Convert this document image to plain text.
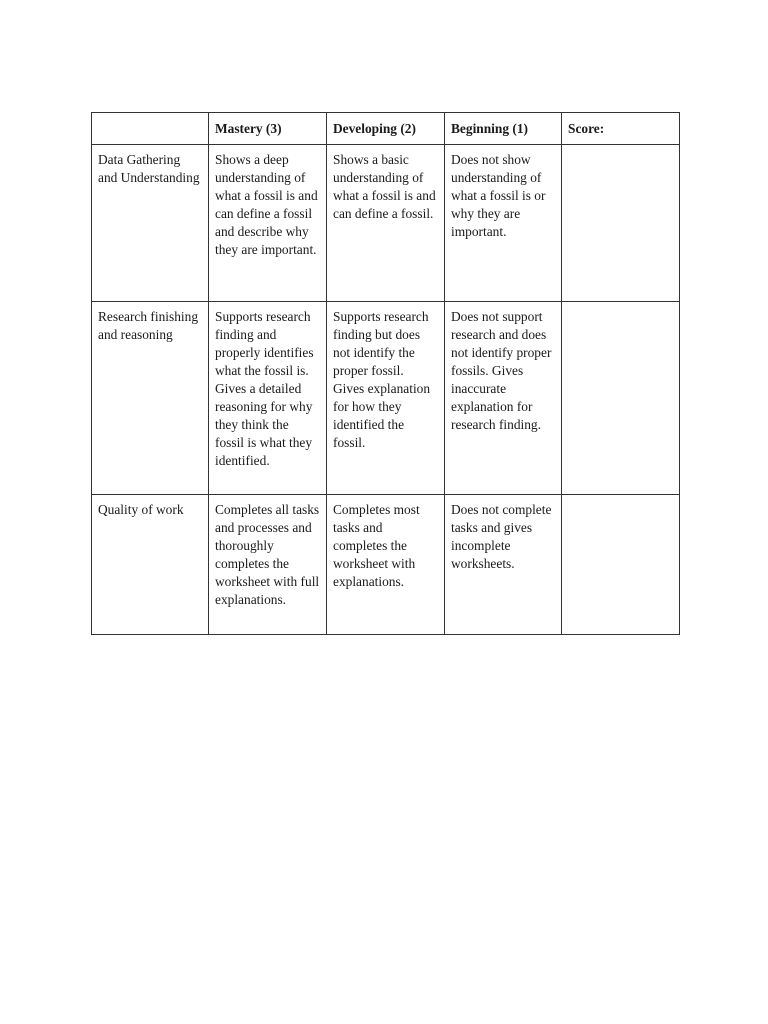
	Mastery (3)	Developing (2)	Beginning (1)	Score:
Data Gathering and Understanding	Shows a deep understanding of what a fossil is and can define a fossil and describe why they are important.	Shows a basic understanding of what a fossil is and can define a fossil.	Does not show understanding of what a fossil is or why they are important.	
Research finishing and reasoning	Supports research finding and properly identifies what the fossil is. Gives a detailed reasoning for why they think the fossil is what they identified.	Supports research finding but does not identify the proper fossil. Gives explanation for how they identified the fossil.	Does not support research and does not identify proper fossils. Gives inaccurate explanation for research finding.	
Quality of work	Completes all tasks and processes and thoroughly completes the worksheet with full explanations.	Completes most tasks and completes the worksheet with explanations.	Does not complete tasks and gives incomplete worksheets.	
